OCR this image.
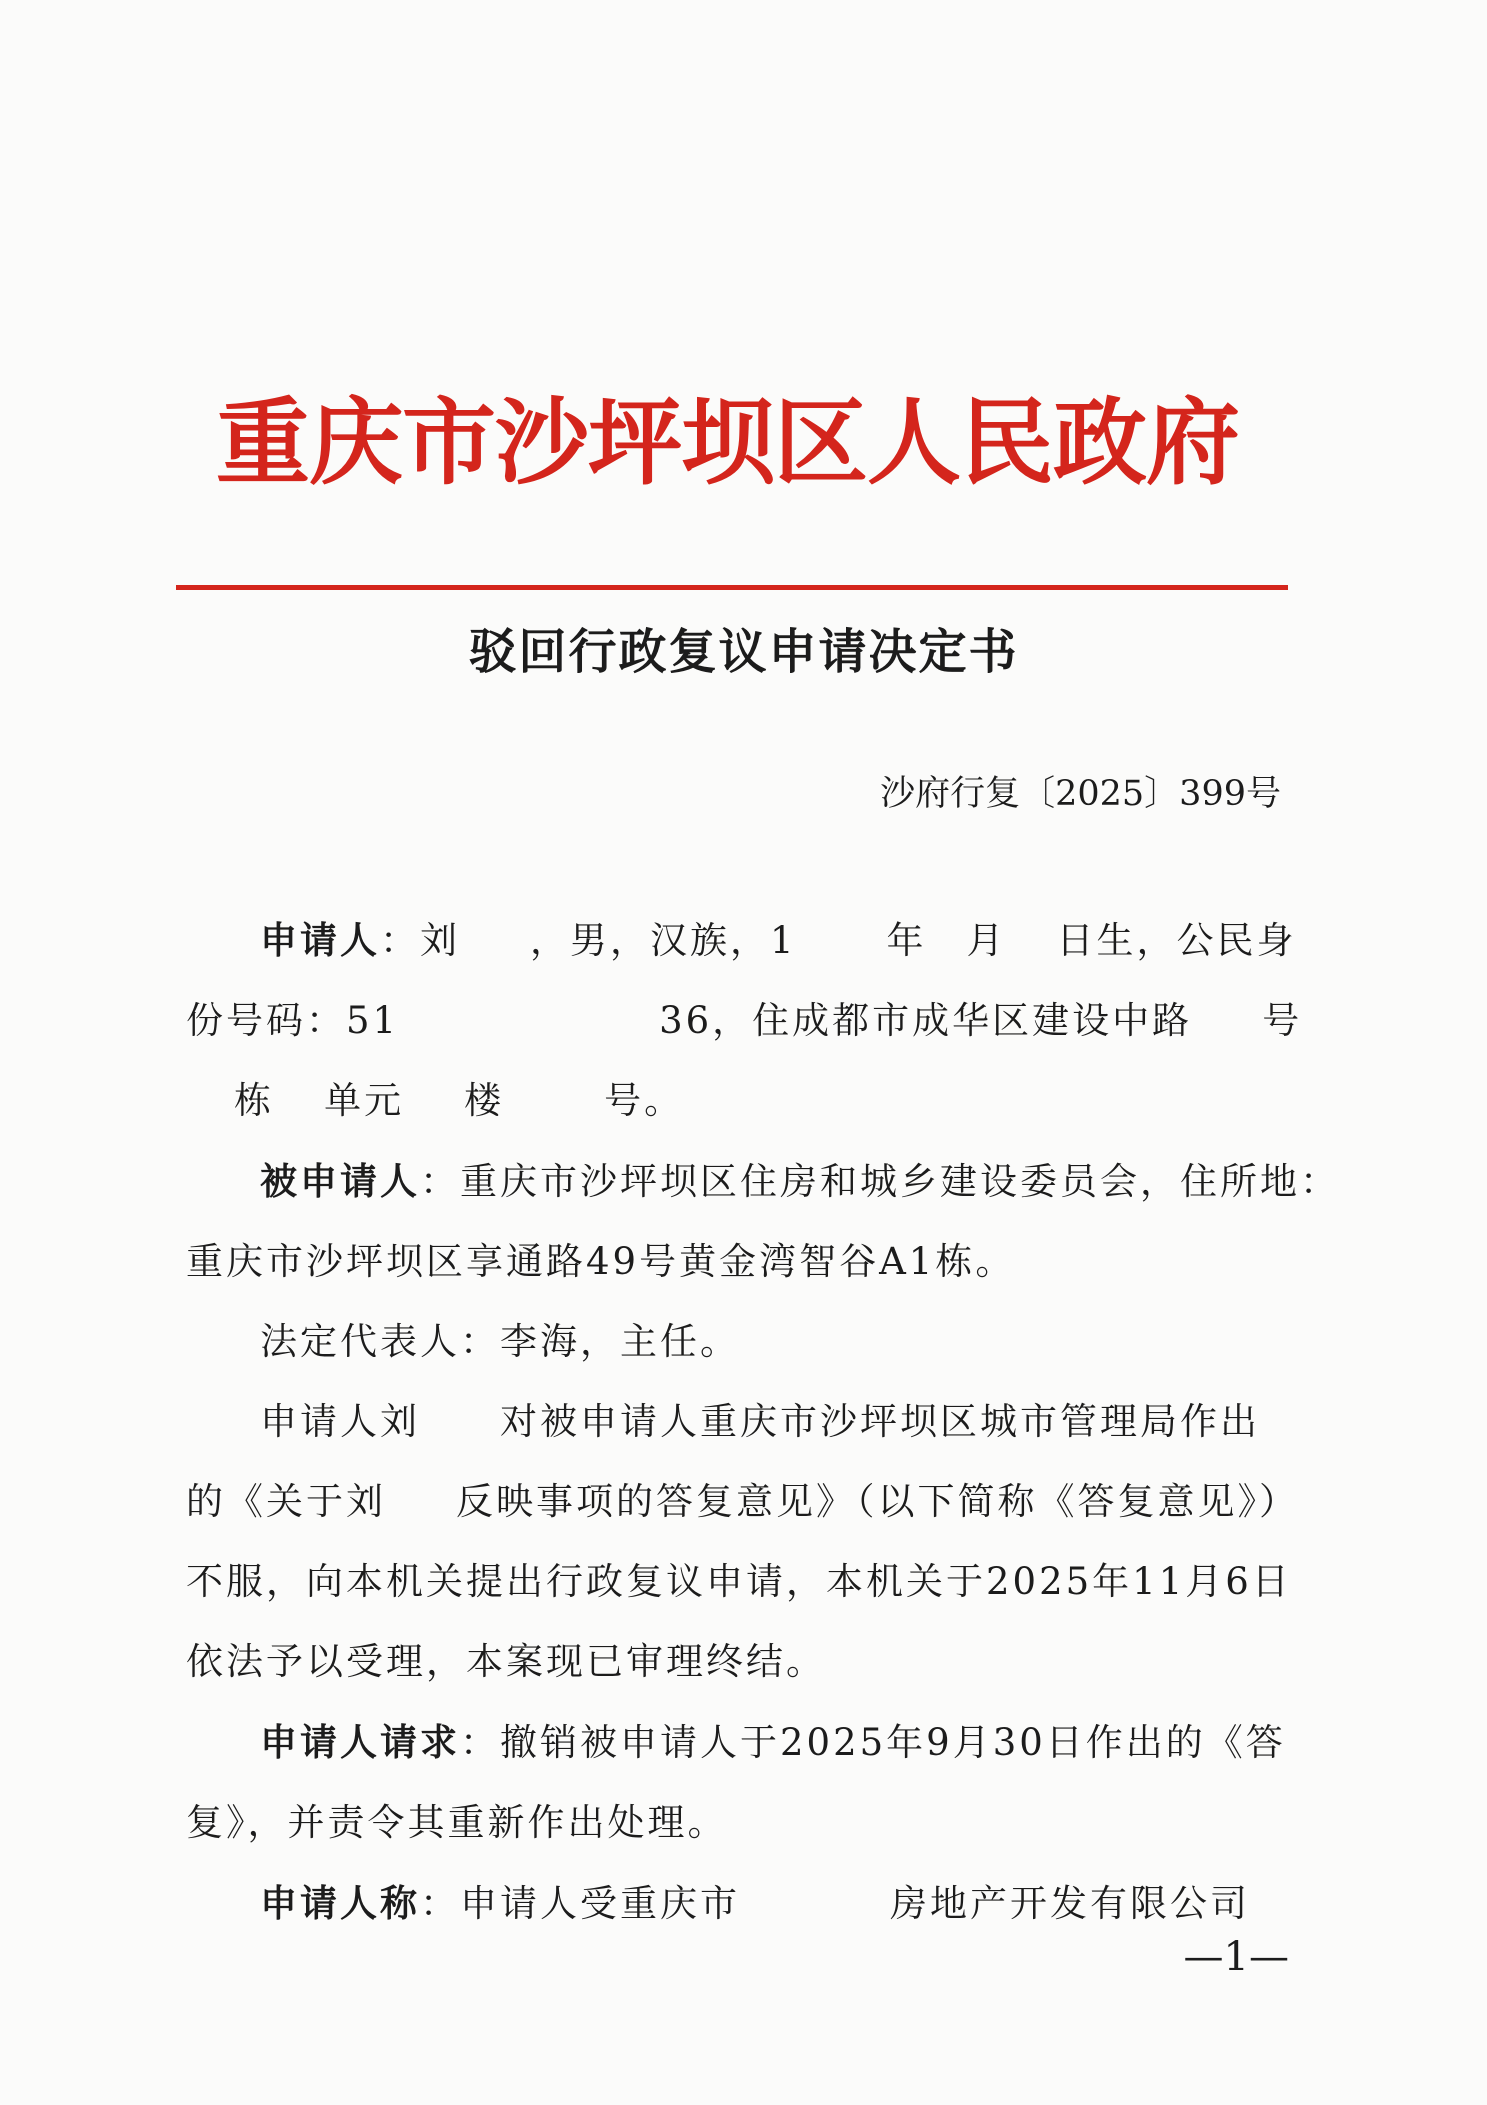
重庆市沙坪坝区人民政府
驳回行政复议申请决定书
沙府行复〔2025〕399号
申请人：刘 ，男，汉族，1 年 月 日生，公民身
份号码：51	36，住成都市成华区建设中路 号
栋 单元 楼	号。
被申请人：重庆市沙坪坝区住房和城乡建设委员会，住所地：
重庆市沙坪坝区享通路49号黄金湾智谷A1栋。
法定代表人：李海，主任。
申请人刘 对被申请人重庆市沙坪坝区城市管理局作出
的《关于刘 反映事项的答复意见》（以下简称《答复意见》）
不服，向本机关提出行政复议申请，本机关于2025年11月6日
依法予以受理，本案现已审理终结。
申请人请求：撤销被申请人于2025年9月30日作出的《答
复》，并责令其重新作出处理。
申请人称：申请人受重庆市	房地产开发有限公司
—1—
